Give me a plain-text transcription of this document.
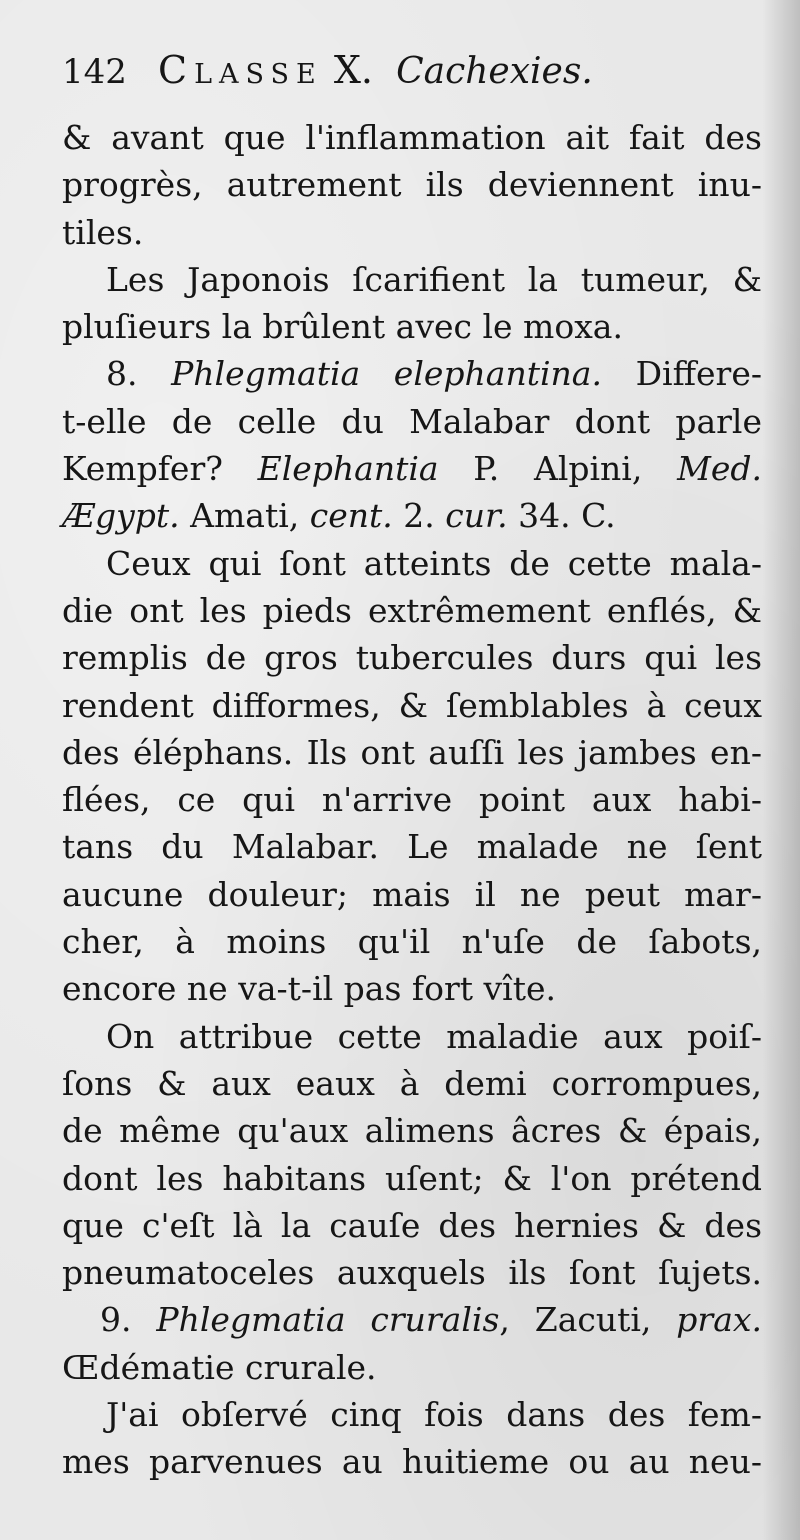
142 Classe X. Cachexies.
& avant que l'inflammation ait fait des
progrès, autrement ils deviennent inu-
tiles.
Les Japonois ſcarifient la tumeur, &
pluſieurs la brûlent avec le moxa.
8. Phlegmatia elephantina. Differe-
t-elle de celle du Malabar dont parle
Kempfer? Elephantia P. Alpini, Med.
Ægypt. Amati, cent. 2. cur. 34. C.
Ceux qui ſont atteints de cette mala-
die ont les pieds extrêmement enflés, &
remplis de gros tubercules durs qui les
rendent difformes, & ſemblables à ceux
des éléphans. Ils ont auſſi les jambes en-
flées, ce qui n'arrive point aux habi-
tans du Malabar. Le malade ne ſent
aucune douleur; mais il ne peut mar-
cher, à moins qu'il n'uſe de ſabots,
encore ne va-t-il pas fort vîte.
On attribue cette maladie aux poiſ-
ſons & aux eaux à demi corrompues,
de même qu'aux alimens âcres & épais,
dont les habitans uſent; & l'on prétend
que c'eſt là la cauſe des hernies & des
pneumatoceles auxquels ils ſont ſujets.
9. Phlegmatia cruralis, Zacuti, prax.
Œdématie crurale.
J'ai obſervé cinq fois dans des fem-
mes parvenues au huitieme ou au neu-
